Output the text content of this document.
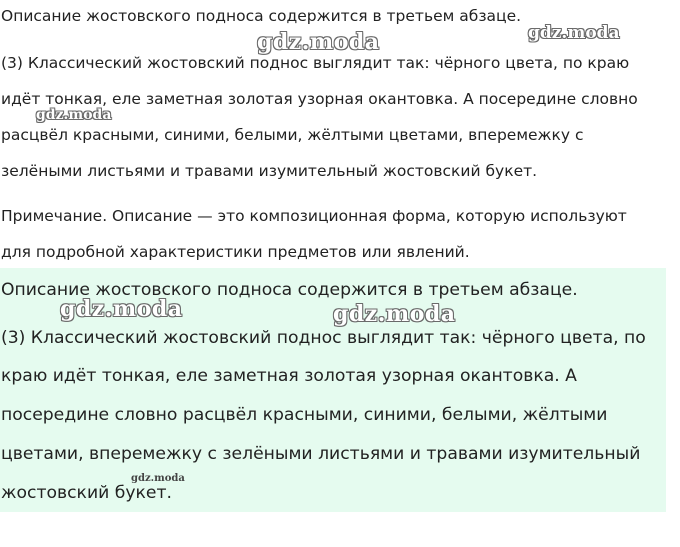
Описание жостовского подноса содержится в третьем абзаце.
(3) Классический жостовский поднос выглядит так: чёрного цвета, по краю
идёт тонкая, еле заметная золотая узорная окантовка. А посередине словно
расцвёл красными, синими, белыми, жёлтыми цветами, вперемежку с
зелёными листьями и травами изумительный жостовский букет.
Примечание. Описание — это композиционная форма, которую используют
для подробной характеристики предметов или явлений.
Описание жостовского подноса содержится в третьем абзаце.
(3) Классический жостовский поднос выглядит так: чёрного цвета, по
краю идёт тонкая, еле заметная золотая узорная окантовка. А
посередине словно расцвёл красными, синими, белыми, жёлтыми
цветами, вперемежку с зелёными листьями и травами изумительный
жостовский букет.
gdz.moda	gdz.moda
gdz.moda
gdz.moda	gdz.moda
gdz.moda
